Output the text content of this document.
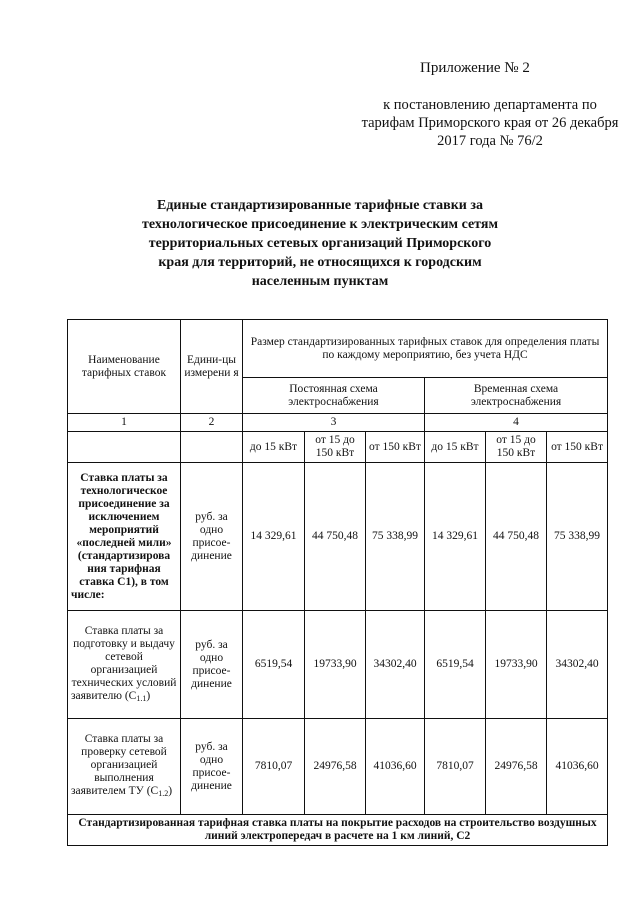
Приложение № 2
к постановлению департамента по тарифам Приморского края от 26 декабря 2017 года № 76/2
Единые стандартизированные тарифные ставки за
технологическое присоединение к электрическим сетям
территориальных сетевых организаций Приморского
края для территорий, не относящихся к городским
населенным пунктам
Наименование тарифных ставок	Едини-цы измерени я	Размер стандартизированных тарифных ставок для определения платы по каждому мероприятию, без учета НДС					
		Постоянная схема электроснабжения			Временная схема электроснабжения		
1	2	3			4		
		до 15 кВт	от 15 до 150 кВт	от 150 кВт	до 15 кВт	от 15 до 150 кВт	от 150 кВт
Ставка платы за технологическое присоединение за исключением мероприятий «последней мили» (стандартизирова ния тарифная ставка С1), в том числе:	руб. за одно присое-динение	14 329,61	44 750,48	75 338,99	14 329,61	44 750,48	75 338,99
Ставка платы за подготовку и выдачу сетевой организацией технических условий заявителю $(С_{1.1})$	руб. за одно присое-динение	6519,54	19733,90	34302,40	6519,54	19733,90	34302,40
Ставка платы за проверку сетевой организацией выполнения заявителем ТУ $(С_{1.2})$	руб. за одно присое-динение	7810,07	24976,58	41036,60	7810,07	24976,58	41036,60
Стандартизированная тарифная ставка платы на покрытие расходов на строительство воздушных линий электропередач в расчете на 1 км линий, С2							
